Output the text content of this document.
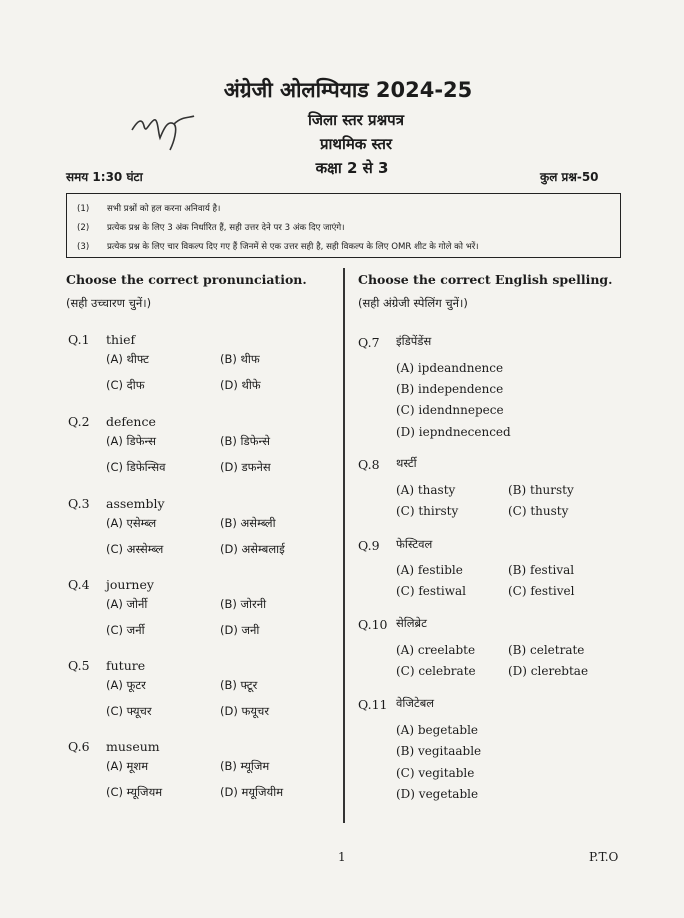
अंग्रेजी ओलम्पियाड 2024-25
जिला स्तर प्रश्नपत्र
प्राथमिक स्तर
कक्षा 2 से 3
समय 1:30 घंटा	कुल प्रश्न-50
(1) सभी प्रश्नों को हल करना अनिवार्य है।
(2) प्रत्येक प्रश्न के लिए 3 अंक निर्धारित हैं, सही उत्तर देने पर 3 अंक दिए जाएंगे।
(3) प्रत्येक प्रश्न के लिए चार विकल्प दिए गए हैं जिनमें से एक उत्तर सही है, सही विकल्प के लिए OMR शीट के गोले को भरें।
Choose the correct pronunciation.
(सही उच्चारण चुनें।)
Q.1 thief
(A) थीफ्ट	(B) थीफ
(C) दीफ	(D) थीफे
Q.2 defence
(A) डिफेन्स	(B) डिफेन्से
(C) डिफेन्सिव	(D) डफनेस
Q.3 assembly
(A) एसेम्ब्ल	(B) असेम्ब्ली
(C) अस्सेम्ब्ल	(D) असेम्बलाई
Q.4 journey
(A) जोर्नी	(B) जोरनी
(C) जर्नी	(D) जनी
Q.5 future
(A) फूटर	(B) फ्टूर
(C) फ्यूचर	(D) फयूचर
Q.6 museum
(A) मूशम	(B) म्यूजिम
(C) म्यूजियम	(D) मयूजियीम
Choose the correct English spelling.
(सही अंग्रेजी स्पेलिंग चुनें।)
Q.7 इंडिपेंडेंस
(A) ipdeandnence
(B) independence
(C) idendnnepece
(D) iepndnecenced
Q.8 थर्स्टी
(A) thasty	(B) thursty
(C) thirsty	(C) thusty
Q.9 फेस्टिवल
(A) festible	(B) festival
(C) festiwal	(C) festivel
Q.10 सेलिब्रेट
(A) creelabte	(B) celetrate
(C) celebrate	(D) clerebtae
Q.11 वेजिटेबल
(A) begetable
(B) vegitaable
(C) vegitable
(D) vegetable
1	P.T.O
